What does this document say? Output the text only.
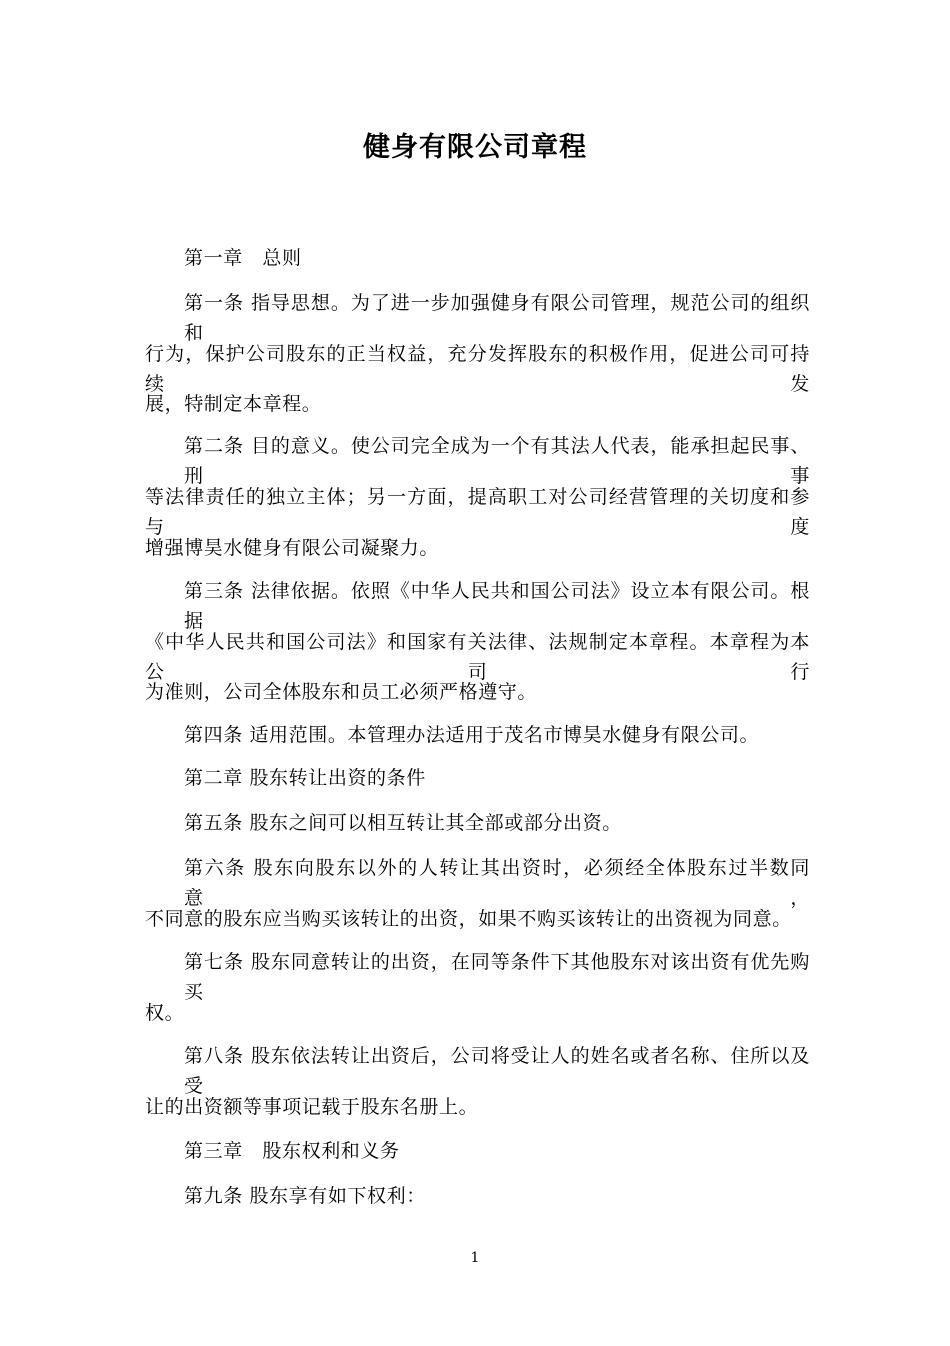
健身有限公司章程
第一章　总则
第一条 指导思想。为了进一步加强健身有限公司管理，规范公司的组织和
行为，保护公司股东的正当权益，充分发挥股东的积极作用，促进公司可持续发
展，特制定本章程。
第二条 目的意义。使公司完全成为一个有其法人代表，能承担起民事、刑事
等法律责任的独立主体；另一方面，提高职工对公司经营管理的关切度和参与度
增强博昊水健身有限公司凝聚力。
第三条 法律依据。依照《中华人民共和国公司法》设立本有限公司。根据
《中华人民共和国公司法》和国家有关法律、法规制定本章程。本章程为本公司行
为准则，公司全体股东和员工必须严格遵守。
第四条 适用范围。本管理办法适用于茂名市博昊水健身有限公司。
第二章 股东转让出资的条件
第五条 股东之间可以相互转让其全部或部分出资。
第六条 股东向股东以外的人转让其出资时，必须经全体股东过半数同意，
不同意的股东应当购买该转让的出资，如果不购买该转让的出资视为同意。
第七条 股东同意转让的出资，在同等条件下其他股东对该出资有优先购买
权。
第八条 股东依法转让出资后，公司将受让人的姓名或者名称、住所以及受
让的出资额等事项记载于股东名册上。
第三章　股东权利和义务
第九条 股东享有如下权利：
1
